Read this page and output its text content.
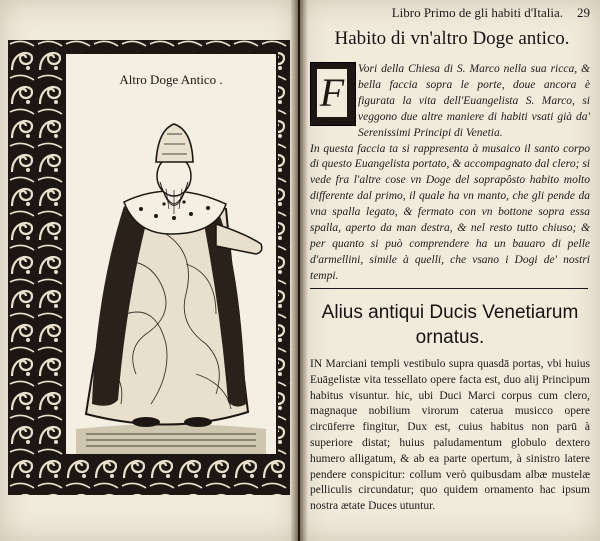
Altro Doge Antico .
Libro Primo de gli habiti d'Italia. 29
Habito di vn'altro Doge antico.
F
Vori della Chiesa di S. Marco nella sua ricca, & bella faccia sopra le porte, doue ancora è figurata la vita dell'Euangelista S. Marco, si veggono due altre maniere di habiti vsati già da' Serenissimi Principi di Venetia.
In questa faccia ta si rappresenta à musaico il santo corpo di questo Euangelista portato, & accompagnato dal clero; si vede fra l'altre cose vn Doge del soprapôsto habito molto differente dal primo, il quale ha vn manto, che gli pende da vna spalla legato, & fermato con vn bottone sopra essa spalla, aperto da man destra, & nel resto tutto chiuso; & per quanto si può comprendere ha un bauaro di pelle d'armellini, simile à quelli, che vsano i Dogi de' nostri tempi.
Alius antiqui Ducis Venetiarum
ornatus.
IN Marciani templi vestibulo supra quasdā portas, vbi huius Euāgelistæ vita tessellato opere facta est, duo alij Principum habitus visuntur. hic, ubi Duci Marci corpus cum clero, magnaque nobilium virorum caterua musicco opere circūferre fingitur, Dux est, cuius habitus non parū à superiore distat; huius paludamentum globulo dextero humero alligatum, & ab ea parte opertum, à sinistro latere pendere conspicitur: collum verò quibusdam albæ mustelæ pelliculis circundatur; quo quidem ornamento hac ipsum nostra ætate Duces utuntur.
